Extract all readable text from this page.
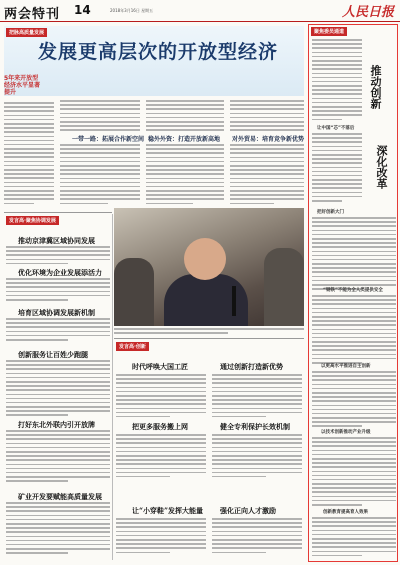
两会特刊 14	2018年3月16日 星期五	人民日报
把脉高质量发展
发展更高层次的开放型经济
5年来开放型经济水平显著提升
一带一路：拓展合作新空间 稳外外资：打造开放新高地 对外贸易：培育竞争新优势
发言高·聚焦协调发展
推动京津冀区域协同发展
优化环境为企业发展添活力
培育区域协调发展新机制
创新服务让百姓少跑腿
打好东北外联内引开放牌
矿业开发要赋能高质量发展
发言高·创新
时代呼唤大国工匠	通过创新打造新优势
把更多服务搬上网	健全专利保护长效机制
让“小穿鞋”发挥大能量 强化正向人才激励
聚焦委员通道
推动创新
深化改革
让中国“芯”不落后
把好创新大门
“钢铁”不能为全人类提供安全
以更高水平推进自主创新
以技术创新推动产业升级
创新教育提高育人效果
